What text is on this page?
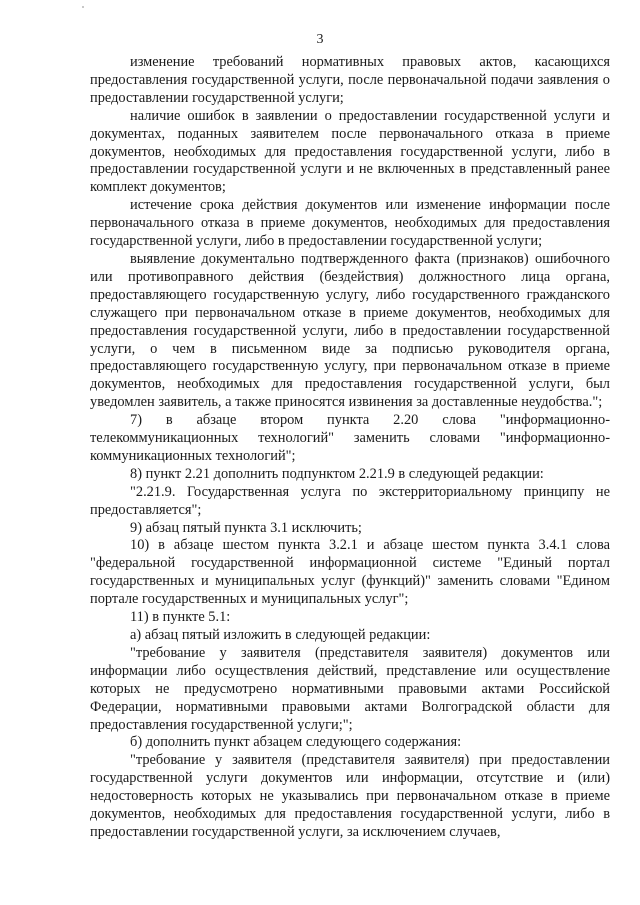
3

изменение требований нормативных правовых актов, касающихся предоставления государственной услуги, после первоначальной подачи заявления о предоставлении государственной услуги;

наличие ошибок в заявлении о предоставлении государственной услуги и документах, поданных заявителем после первоначального отказа в приеме документов, необходимых для предоставления государственной услуги, либо в предоставлении государственной услуги и не включенных в представленный ранее комплект документов;

истечение срока действия документов или изменение информации после первоначального отказа в приеме документов, необходимых для предоставления государственной услуги, либо в предоставлении государственной услуги;

выявление документально подтвержденного факта (признаков) ошибочного или противоправного действия (бездействия) должностного лица органа, предоставляющего государственную услугу, либо государственного гражданского служащего при первоначальном отказе в приеме документов, необходимых для предоставления государственной услуги, либо в предоставлении государственной услуги, о чем в письменном виде за подписью руководителя органа, предоставляющего государственную услугу, при первоначальном отказе в приеме документов, необходимых для предоставления государственной услуги, был уведомлен заявитель, а также приносятся извинения за доставленные неудобства.";

7) в абзаце втором пункта 2.20 слова "информационно-телекоммуникационных технологий" заменить словами "информационно-коммуникационных технологий";

8) пункт 2.21 дополнить подпунктом 2.21.9 в следующей редакции:

"2.21.9. Государственная услуга по экстерриториальному принципу не предоставляется";

9) абзац пятый пункта 3.1 исключить;

10) в абзаце шестом пункта 3.2.1 и абзаце шестом пункта 3.4.1 слова "федеральной государственной информационной системе "Единый портал государственных и муниципальных услуг (функций)" заменить словами "Едином портале государственных и муниципальных услуг";

11) в пункте 5.1:

а) абзац пятый изложить в следующей редакции:

"требование у заявителя (представителя заявителя) документов или информации либо осуществления действий, представление или осуществление которых не предусмотрено нормативными правовыми актами Российской Федерации, нормативными правовыми актами Волгоградской области для предоставления государственной услуги;";

б) дополнить пункт абзацем следующего содержания:

"требование у заявителя (представителя заявителя) при предоставлении государственной услуги документов или информации, отсутствие и (или) недостоверность которых не указывались при первоначальном отказе в приеме документов, необходимых для предоставления государственной услуги, либо в предоставлении государственной услуги, за исключением случаев,
